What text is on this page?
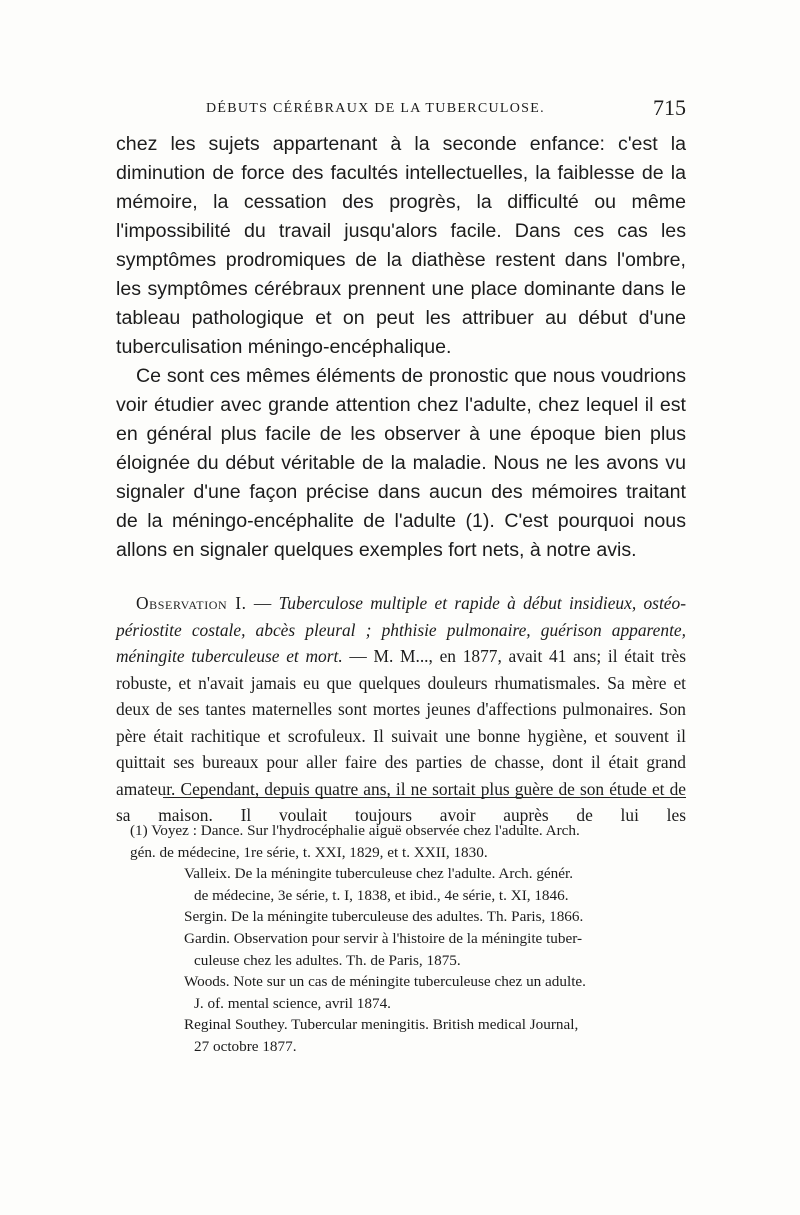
DÉBUTS CÉRÉBRAUX DE LA TUBERCULOSE.	715

chez les sujets appartenant à la seconde enfance: c'est la diminution de force des facultés intellectuelles, la faiblesse de la mémoire, la cessation des progrès, la difficulté ou même l'impossibilité du travail jusqu'alors facile. Dans ces cas les symptômes prodromiques de la diathèse restent dans l'ombre, les symptômes cérébraux prennent une place dominante dans le tableau pathologique et on peut les attribuer au début d'une tuberculisation méningo-encéphalique.

Ce sont ces mêmes éléments de pronostic que nous voudrions voir étudier avec grande attention chez l'adulte, chez lequel il est en général plus facile de les observer à une époque bien plus éloignée du début véritable de la maladie. Nous ne les avons vu signaler d'une façon précise dans aucun des mémoires traitant de la méningo-encéphalite de l'adulte (1). C'est pourquoi nous allons en signaler quelques exemples fort nets, à notre avis.

Observation I. — Tuberculose multiple et rapide à début insidieux, ostéo-périostite costale, abcès pleural ; phthisie pulmonaire, guérison apparente, méningite tuberculeuse et mort. — M. M..., en 1877, avait 41 ans; il était très robuste, et n'avait jamais eu que quelques douleurs rhumatismales. Sa mère et deux de ses tantes maternelles sont mortes jeunes d'affections pulmonaires. Son père était rachitique et scrofuleux. Il suivait une bonne hygiène, et souvent il quittait ses bureaux pour aller faire des parties de chasse, dont il était grand amateur. Cependant, depuis quatre ans, il ne sortait plus guère de son étude et de sa maison. Il voulait toujours avoir auprès de lui les

(1) Voyez : Dance. Sur l'hydrocéphalie aiguë observée chez l'adulte. Arch.
gén. de médecine, 1re série, t. XXI, 1829, et t. XXII, 1830.

Valleix. De la méningite tuberculeuse chez l'adulte. Arch. génér.
de médecine, 3e série, t. I, 1838, et ibid., 4e série, t. XI, 1846.

Sergin. De la méningite tuberculeuse des adultes. Th. Paris, 1866.

Gardin. Observation pour servir à l'histoire de la méningite tuber-
culeuse chez les adultes. Th. de Paris, 1875.

Woods. Note sur un cas de méningite tuberculeuse chez un adulte.
J. of. mental science, avril 1874.

Reginal Southey. Tubercular meningitis. British medical Journal,
27 octobre 1877.
